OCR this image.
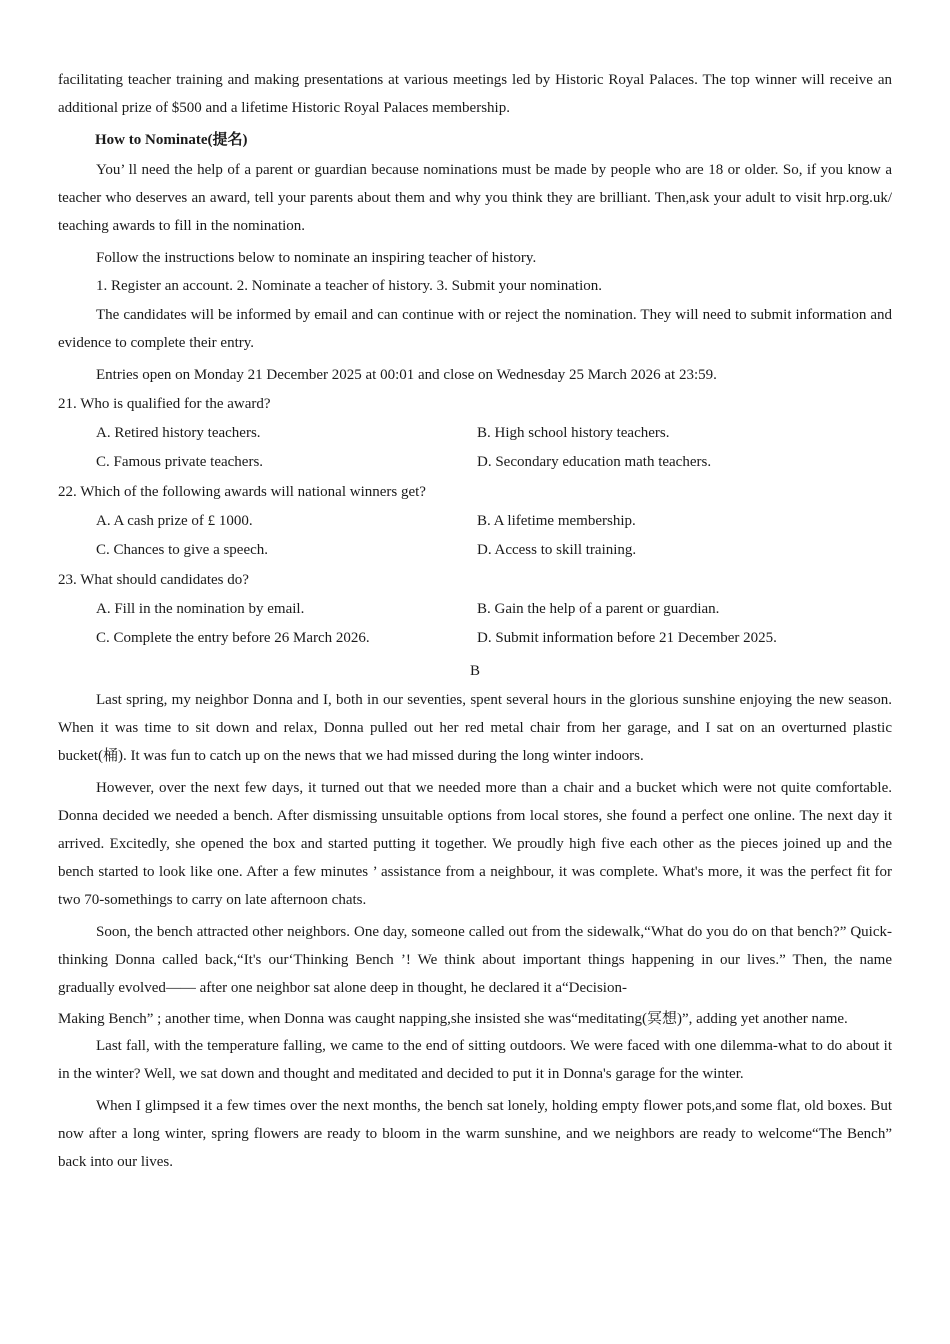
facilitating teacher training and making presentations at various meetings led by Historic Royal Palaces. The top winner will receive an additional prize of $500 and a lifetime Historic Royal Palaces membership.

How to Nominate(提名)

You’ ll need the help of a parent or guardian because nominations must be made by people who are 18 or older. So, if you know a teacher who deserves an award, tell your parents about them and why you think they are brilliant. Then,ask your adult to visit hrp.org.uk/ teaching awards to fill in the nomination.

Follow the instructions below to nominate an inspiring teacher of history.

1. Register an account. 2. Nominate a teacher of history. 3. Submit your nomination.

The candidates will be informed by email and can continue with or reject the nomination. They will need to submit information and evidence to complete their entry.

Entries open on Monday 21 December 2025 at 00:01 and close on Wednesday 25 March 2026 at 23:59.

21. Who is qualified for the award?
A. Retired history teachers.	B. High school history teachers.
C. Famous private teachers.	D. Secondary education math teachers.
22. Which of the following awards will national winners get?
A. A cash prize of £ 1000.	B. A lifetime membership.
C. Chances to give a speech.	D. Access to skill training.
23. What should candidates do?
A. Fill in the nomination by email.	B. Gain the help of a parent or guardian.
C. Complete the entry before 26 March 2026.	D. Submit information before 21 December 2025.
B

Last spring, my neighbor Donna and I, both in our seventies, spent several hours in the glorious sunshine enjoying the new season. When it was time to sit down and relax, Donna pulled out her red metal chair from her garage, and I sat on an overturned plastic bucket(桶). It was fun to catch up on the news that we had missed during the long winter indoors.

However, over the next few days, it turned out that we needed more than a chair and a bucket which were not quite comfortable. Donna decided we needed a bench. After dismissing unsuitable options from local stores, she found a perfect one online. The next day it arrived. Excitedly, she opened the box and started putting it together. We proudly high five each other as the pieces joined up and the bench started to look like one. After a few minutes ’ assistance from a neighbour, it was complete. What's more, it was the perfect fit for two 70-somethings to carry on late afternoon chats.

Soon, the bench attracted other neighbors. One day, someone called out from the sidewalk,“What do you do on that bench?” Quick-thinking Donna called back,“It's our‘Thinking Bench ’! We think about important things happening in our lives.” Then, the name gradually evolved—— after one neighbor sat alone deep in thought, he declared it a“Decision-

Making Bench” ; another time, when Donna was caught napping,she insisted she was“meditating(冥想)”, adding yet another name.

Last fall, with the temperature falling, we came to the end of sitting outdoors. We were faced with one dilemma-what to do about it in the winter? Well, we sat down and thought and meditated and decided to put it in Donna's garage for the winter.

When I glimpsed it a few times over the next months, the bench sat lonely, holding empty flower pots,and some flat, old boxes. But now after a long winter, spring flowers are ready to bloom in the warm sunshine, and we neighbors are ready to welcome“The Bench” back into our lives.
